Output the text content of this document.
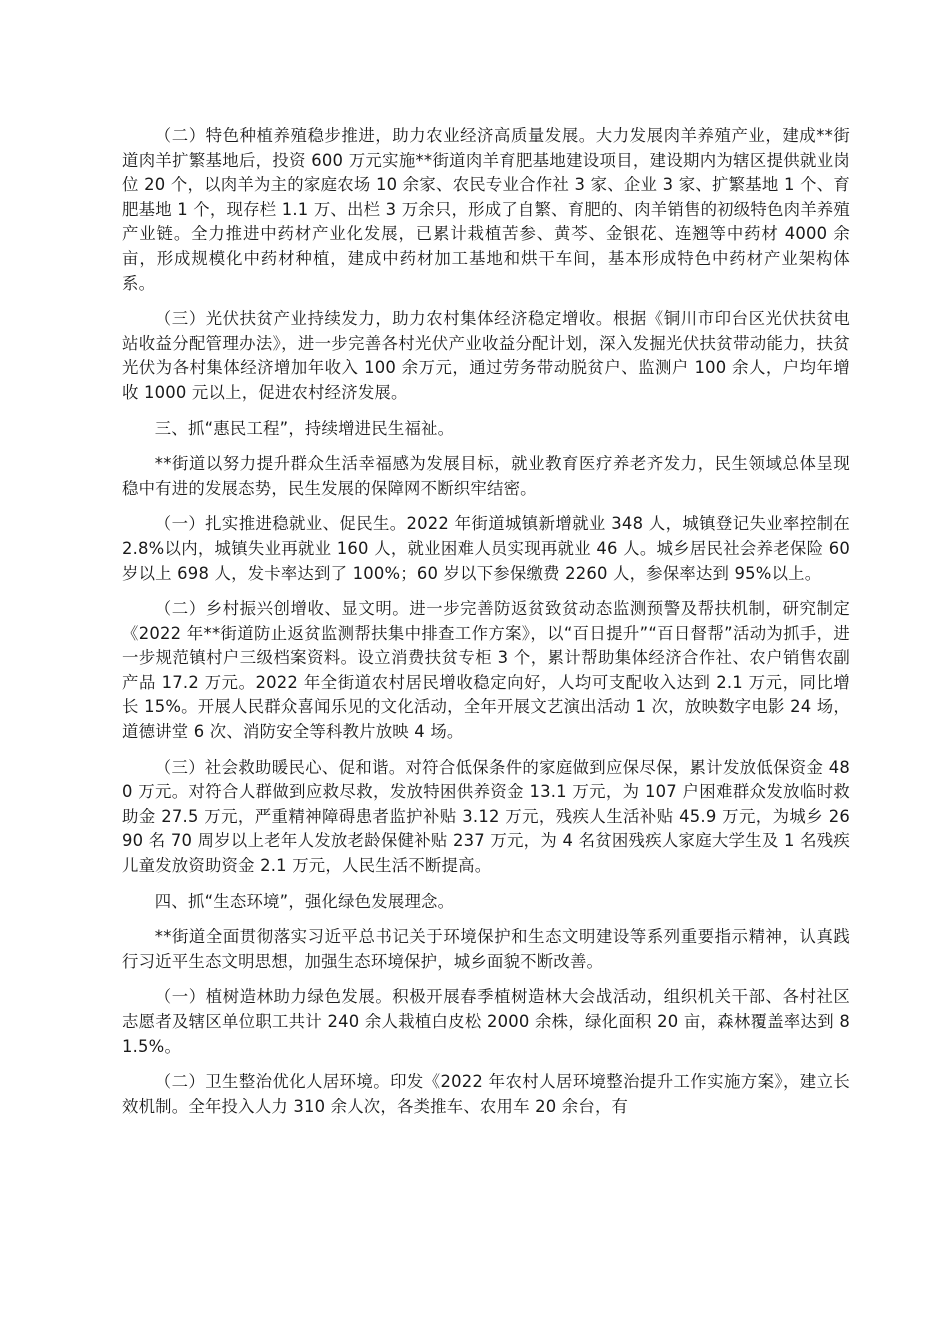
（二）特色种植养殖稳步推进，助力农业经济高质量发展。大力发展肉羊养殖产业，建成**街道肉羊扩繁基地后，投资 600 万元实施**街道肉羊育肥基地建设项目，建设期内为辖区提供就业岗位 20 个，以肉羊为主的家庭农场 10 余家、农民专业合作社 3 家、企业 3 家、扩繁基地 1 个、育肥基地 1 个，现存栏 1.1 万、出栏 3 万余只，形成了自繁、育肥的、肉羊销售的初级特色肉羊养殖产业链。全力推进中药材产业化发展，已累计栽植苦参、黄芩、金银花、连翘等中药材 4000 余亩，形成规模化中药材种植，建成中药材加工基地和烘干车间，基本形成特色中药材产业架构体系。

（三）光伏扶贫产业持续发力，助力农村集体经济稳定增收。根据《铜川市印台区光伏扶贫电站收益分配管理办法》，进一步完善各村光伏产业收益分配计划，深入发掘光伏扶贫带动能力，扶贫光伏为各村集体经济增加年收入 100 余万元，通过劳务带动脱贫户、监测户 100 余人，户均年增收 1000 元以上，促进农村经济发展。

三、抓“惠民工程”，持续增进民生福祉。

**街道以努力提升群众生活幸福感为发展目标，就业教育医疗养老齐发力，民生领域总体呈现稳中有进的发展态势，民生发展的保障网不断织牢结密。

（一）扎实推进稳就业、促民生。2022 年街道城镇新增就业 348 人，城镇登记失业率控制在 2.8%以内，城镇失业再就业 160 人，就业困难人员实现再就业 46 人。城乡居民社会养老保险 60 岁以上 698 人，发卡率达到了 100%；60 岁以下参保缴费 2260 人，参保率达到 95%以上。

（二）乡村振兴创增收、显文明。进一步完善防返贫致贫动态监测预警及帮扶机制，研究制定《2022 年**街道防止返贫监测帮扶集中排查工作方案》，以“百日提升”“百日督帮”活动为抓手，进一步规范镇村户三级档案资料。设立消费扶贫专柜 3 个，累计帮助集体经济合作社、农户销售农副产品 17.2 万元。2022 年全街道农村居民增收稳定向好，人均可支配收入达到 2.1 万元，同比增长 15%。开展人民群众喜闻乐见的文化活动，全年开展文艺演出活动 1 次，放映数字电影 24 场，道德讲堂 6 次、消防安全等科教片放映 4 场。

（三）社会救助暖民心、促和谐。对符合低保条件的家庭做到应保尽保，累计发放低保资金 480 万元。对符合人群做到应救尽救，发放特困供养资金 13.1 万元，为 107 户困难群众发放临时救助金 27.5 万元，严重精神障碍患者监护补贴 3.12 万元，残疾人生活补贴 45.9 万元，为城乡 2690 名 70 周岁以上老年人发放老龄保健补贴 237 万元，为 4 名贫困残疾人家庭大学生及 1 名残疾儿童发放资助资金 2.1 万元，人民生活不断提高。

四、抓“生态环境”，强化绿色发展理念。

**街道全面贯彻落实习近平总书记关于环境保护和生态文明建设等系列重要指示精神，认真践行习近平生态文明思想，加强生态环境保护，城乡面貌不断改善。

（一）植树造林助力绿色发展。积极开展春季植树造林大会战活动，组织机关干部、各村社区志愿者及辖区单位职工共计 240 余人栽植白皮松 2000 余株，绿化面积 20 亩，森林覆盖率达到 81.5%。

（二）卫生整治优化人居环境。印发《2022 年农村人居环境整治提升工作实施方案》，建立长效机制。全年投入人力 310 余人次，各类推车、农用车 20 余台，有
